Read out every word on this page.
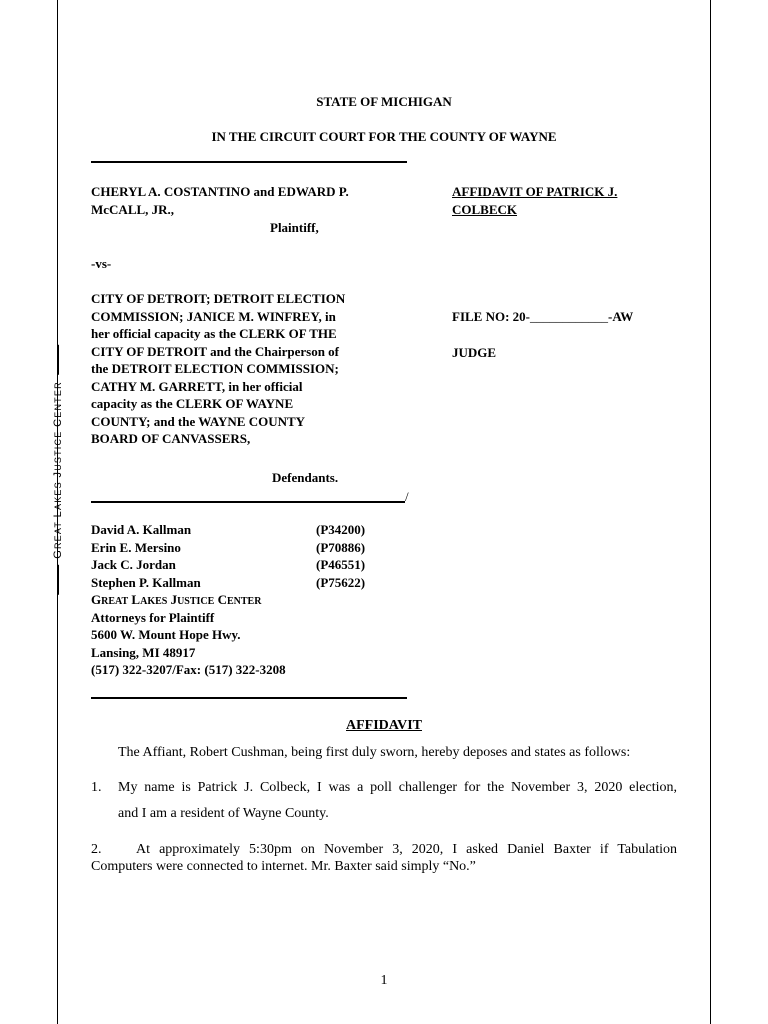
GREAT LAKES JUSTICE CENTER
STATE OF MICHIGAN
IN THE CIRCUIT COURT FOR THE COUNTY OF WAYNE
CHERYL A. COSTANTINO and EDWARD P.
McCALL, JR.,
Plaintiff,
AFFIDAVIT OF PATRICK J.
COLBECK
-vs-
CITY OF DETROIT; DETROIT ELECTION
COMMISSION; JANICE M. WINFREY, in
her official capacity as the CLERK OF THE
CITY OF DETROIT and the Chairperson of
the DETROIT ELECTION COMMISSION;
CATHY M. GARRETT, in her official
capacity as the CLERK OF WAYNE
COUNTY; and the WAYNE COUNTY
BOARD OF CANVASSERS,
FILE NO: 20-____________-AW
JUDGE
Defendants.
/
David A. Kallman	(P34200)
Erin E. Mersino	(P70886)
Jack C. Jordan	(P46551)
Stephen P. Kallman	(P75622)
GREAT LAKES JUSTICE CENTER
Attorneys for Plaintiff
5600 W. Mount Hope Hwy.
Lansing, MI 48917
(517) 322-3207/Fax: (517) 322-3208
AFFIDAVIT
The Affiant, Robert Cushman, being first duly sworn, hereby deposes and states as follows:
1. My name is Patrick J. Colbeck, I was a poll challenger for the November 3, 2020 election,
and I am a resident of Wayne County.
2. At approximately 5:30pm on November 3, 2020, I asked Daniel Baxter if Tabulation
Computers were connected to internet. Mr. Baxter said simply “No.”
1
